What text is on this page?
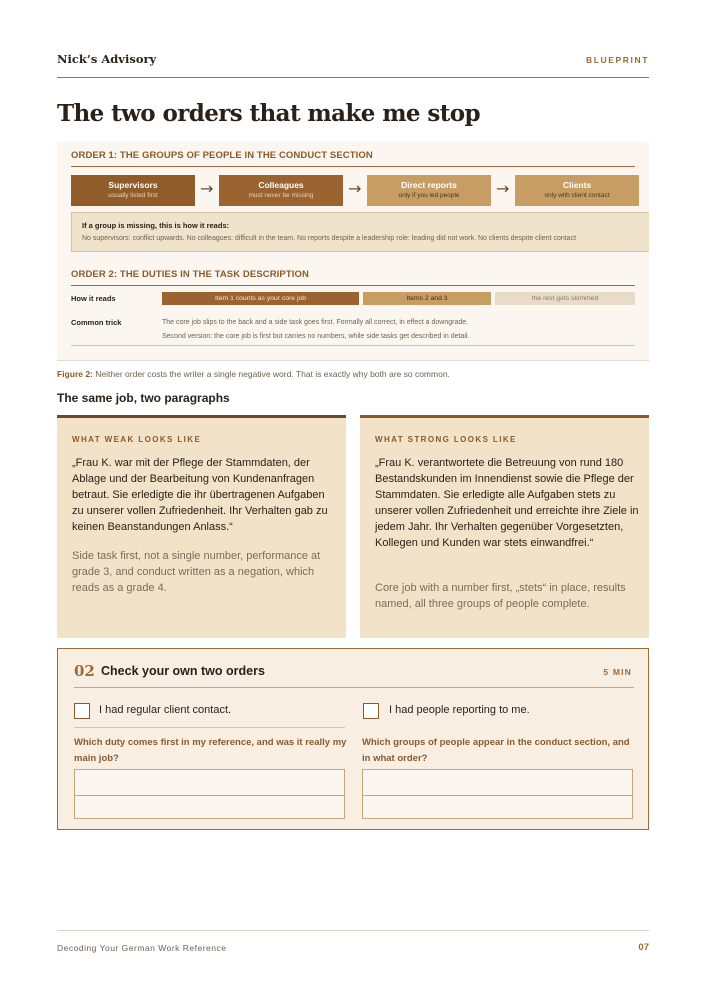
Nick’s Advisory	BLUEPRINT
The two orders that make me stop
ORDER 1: THE GROUPS OF PEOPLE IN THE CONDUCT SECTION
Supervisors
usually listed first	→	Colleagues
must never be missing	→	Direct reports
only if you led people	→	Clients
only with client contact
If a group is missing, this is how it reads:
No supervisors: conflict upwards. No colleagues: difficult in the team. No reports despite a leadership role: leading did not work. No clients despite client contact
ORDER 2: THE DUTIES IN THE TASK DESCRIPTION
How it reads	Item 1 counts as your core job	Items 2 and 3	the rest gets skimmed
Common trick	The core job slips to the back and a side task goes first. Formally all correct, in effect a downgrade.
Second version: the core job is first but carries no numbers, while side tasks get described in detail.

Figure 2: Neither order costs the writer a single negative word. That is exactly why both are so common.

The same job, two paragraphs
WHAT WEAK LOOKS LIKE

„Frau K. war mit der Pflege der Stammdaten, der Ablage und der Bearbeitung von Kundenanfragen betraut. Sie erledigte die ihr übertragenen Aufgaben zu unserer vollen Zufriedenheit. Ihr Verhalten gab zu keinen Beanstandungen Anlass.“

Side task first, not a single number, performance at grade 3, and conduct written as a negation, which reads as a grade 4.

WHAT STRONG LOOKS LIKE

„Frau K. verantwortete die Betreuung von rund 180 Bestandskunden im Innendienst sowie die Pflege der Stammdaten. Sie erledigte alle Aufgaben stets zu unserer vollen Zufriedenheit und erreichte ihre Ziele in jedem Jahr. Ihr Verhalten gegenüber Vorgesetzten, Kollegen und Kunden war stets einwandfrei.“

Core job with a number first, „stets“ in place, results named, all three groups of people complete.

02 Check your own two orders	5 MIN
I had regular client contact.	I had people reporting to me.

Which duty comes first in my reference, and was it really my main job?

Which groups of people appear in the conduct section, and in what order?

Decoding Your German Work Reference	07
